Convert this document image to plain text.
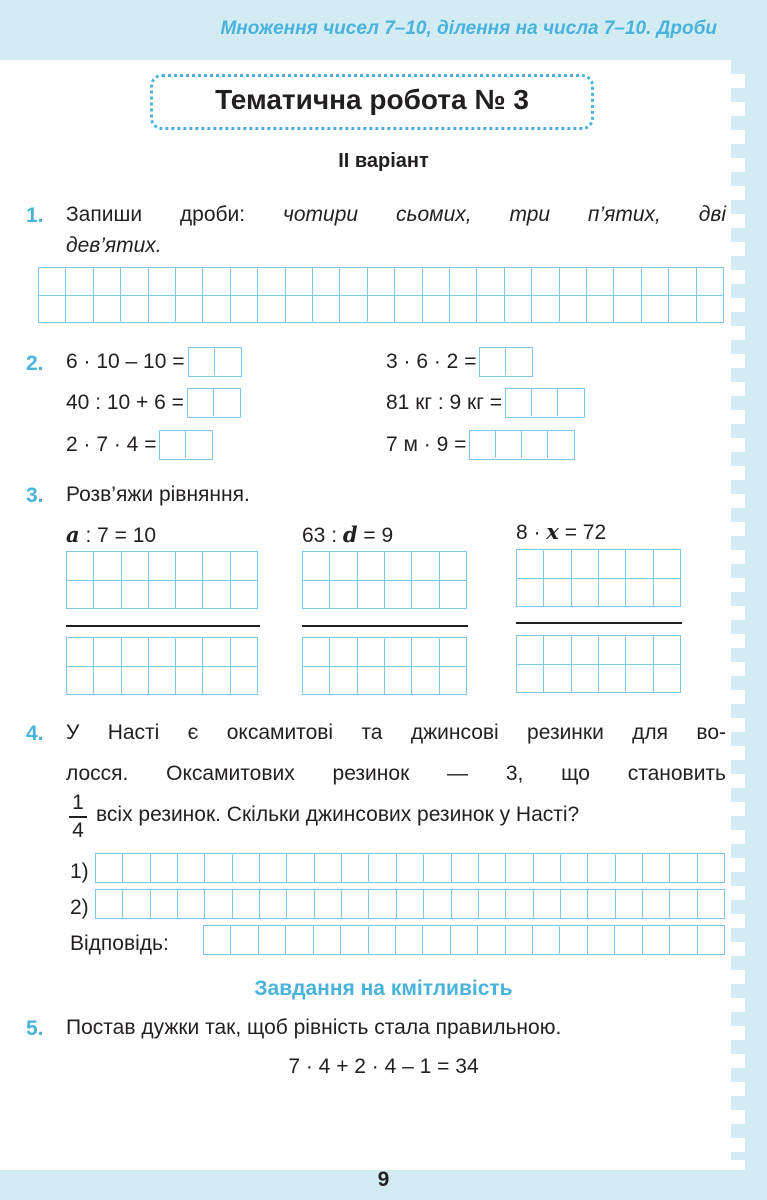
Множення чисел 7–10, ділення на числа 7–10. Дроби
Тематична робота № 3
ІІ варіант
1. Запиши дроби: чотири сьомих, три п’ятих, дві
дев’ятих.
2. 6 · 10 – 10 =	3 · 6 · 2 =
40 : 10 + 6 =	81 кг : 9 кг =
2 · 7 · 4 =	7 м · 9 =
3. Розв’яжи рівняння.
a : 7 = 10	63 : d = 9	8 · x = 72
4. У Насті є оксамитові та джинсові резинки для во-
лосся. Оксамитових резинок — 3, що становить
1
4
всіх резинок. Скільки джинсових резинок у Насті?
1)
2)
Відповідь:
Завдання на кмітливість
5. Постав дужки так, щоб рівність стала правильною.
7 · 4 + 2 · 4 – 1 = 34
9
